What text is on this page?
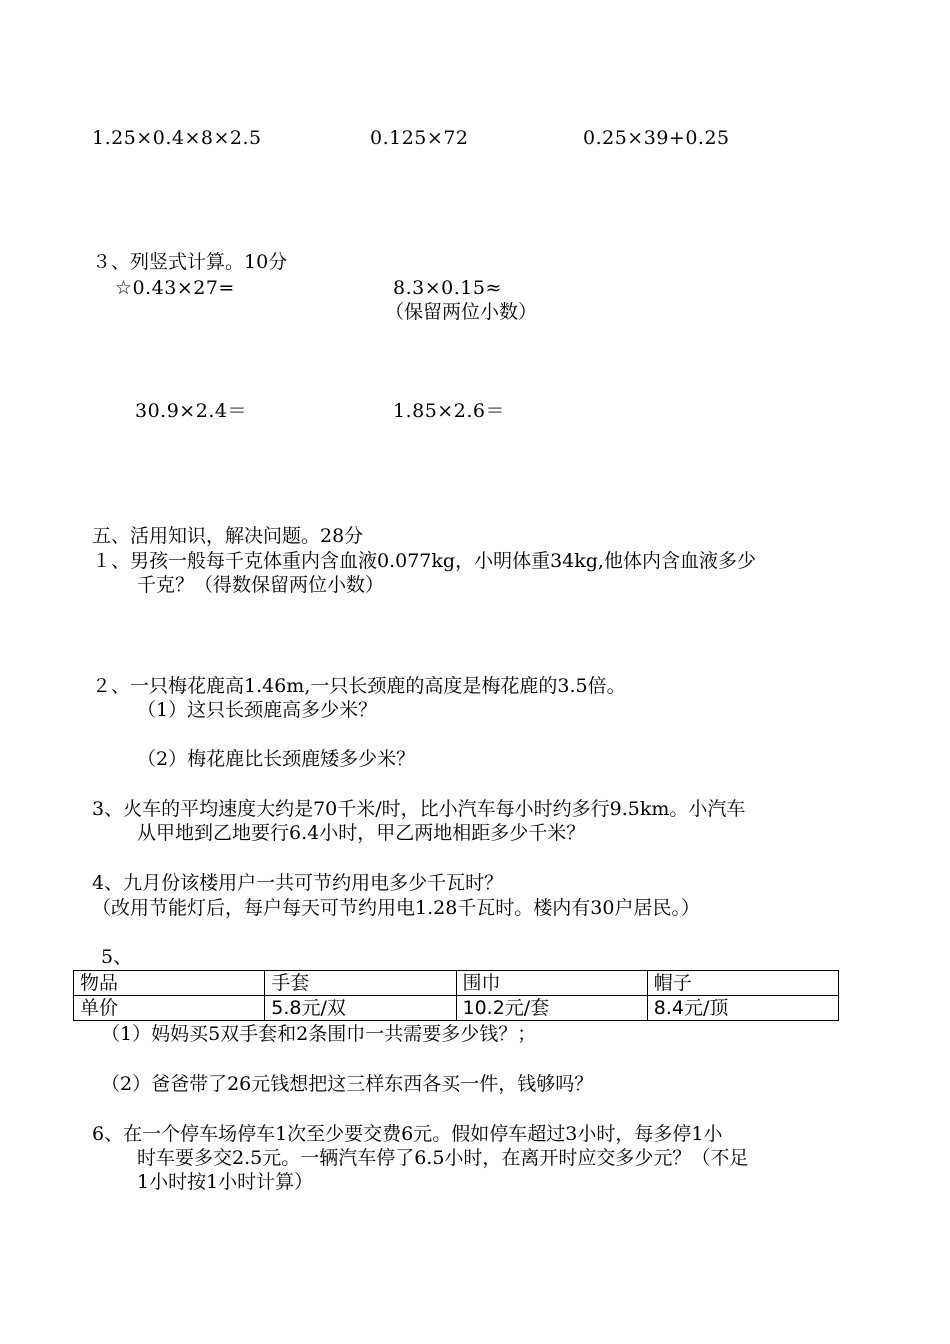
1.25×0.4×8×2.5	0.125×72	0.25×39+0.25
３、列竖式计算。10分
☆0.43×27=	8.3×0.15≈
（保留两位小数）
30.9×2.4＝	1.85×2.6＝
五、活用知识，解决问题。28分
１、男孩一般每千克体重内含血液0.077kg，小明体重34kg,他体内含血液多少
千克？（得数保留两位小数）
２、一只梅花鹿高1.46m,一只长颈鹿的高度是梅花鹿的3.5倍。
（1）这只长颈鹿高多少米？
（2）梅花鹿比长颈鹿矮多少米？
3、火车的平均速度大约是70千米/时，比小汽车每小时约多行9.5km。小汽车
从甲地到乙地要行6.4小时，甲乙两地相距多少千米？
4、九月份该楼用户一共可节约用电多少千瓦时？
（改用节能灯后，每户每天可节约用电1.28千瓦时。楼内有30户居民。）
5、
物品	手套	围巾	帽子
单价	5.8元/双	10.2元/套	8.4元/顶
（1）妈妈买5双手套和2条围巾一共需要多少钱？；
（2）爸爸带了26元钱想把这三样东西各买一件，钱够吗？
6、在一个停车场停车1次至少要交费6元。假如停车超过3小时，每多停1小
时车要多交2.5元。一辆汽车停了6.5小时，在离开时应交多少元？（不足
1小时按1小时计算）
